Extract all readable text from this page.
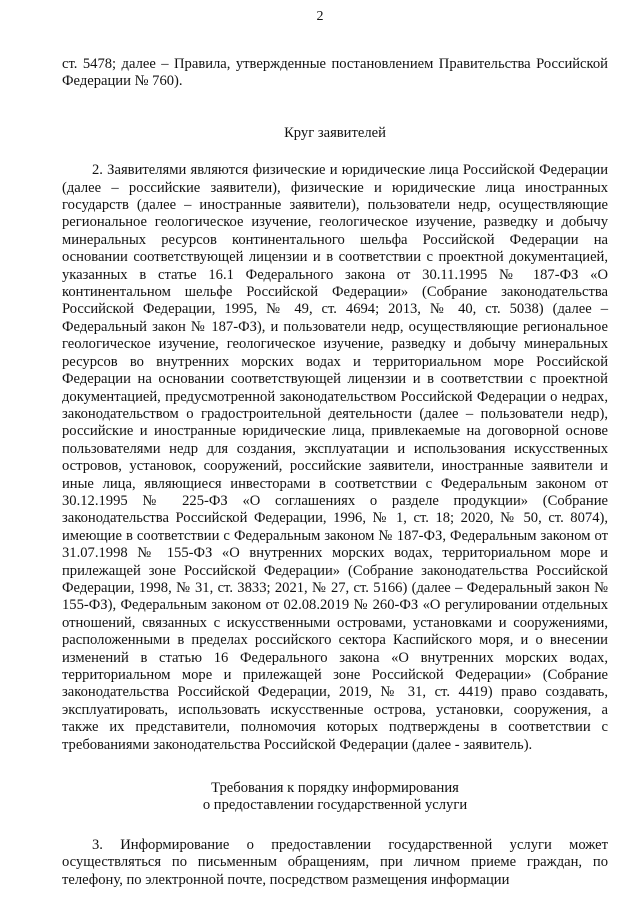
2

ст. 5478; далее – Правила, утвержденные постановлением Правительства Российской Федерации № 760).

Круг заявителей

2. Заявителями являются физические и юридические лица Российской Федерации (далее – российские заявители), физические и юридические лица иностранных государств (далее – иностранные заявители), пользователи недр, осуществляющие региональное геологическое изучение, геологическое изучение, разведку и добычу минеральных ресурсов континентального шельфа Российской Федерации на основании соответствующей лицензии и в соответствии с проектной документацией, указанных в статье 16.1 Федерального закона от 30.11.1995 № 187-ФЗ «О континентальном шельфе Российской Федерации» (Собрание законодательства Российской Федерации, 1995, № 49, ст. 4694; 2013, № 40, ст. 5038) (далее – Федеральный закон № 187-ФЗ), и пользователи недр, осуществляющие региональное геологическое изучение, геологическое изучение, разведку и добычу минеральных ресурсов во внутренних морских водах и территориальном море Российской Федерации на основании соответствующей лицензии и в соответствии с проектной документацией, предусмотренной законодательством Российской Федерации о недрах, законодательством о градостроительной деятельности (далее – пользователи недр), российские и иностранные юридические лица, привлекаемые на договорной основе пользователями недр для создания, эксплуатации и использования искусственных островов, установок, сооружений, российские заявители, иностранные заявители и иные лица, являющиеся инвесторами в соответствии с Федеральным законом от 30.12.1995 № 225-ФЗ «О соглашениях о разделе продукции» (Собрание законодательства Российской Федерации, 1996, № 1, ст. 18; 2020, № 50, ст. 8074), имеющие в соответствии с Федеральным законом № 187-ФЗ, Федеральным законом от 31.07.1998 № 155-ФЗ «О внутренних морских водах, территориальном море и прилежащей зоне Российской Федерации» (Собрание законодательства Российской Федерации, 1998, № 31, ст. 3833; 2021, № 27, ст. 5166) (далее – Федеральный закон № 155-ФЗ), Федеральным законом от 02.08.2019 № 260-ФЗ «О регулировании отдельных отношений, связанных с искусственными островами, установками и сооружениями, расположенными в пределах российского сектора Каспийского моря, и о внесении изменений в статью 16 Федерального закона «О внутренних морских водах, территориальном море и прилежащей зоне Российской Федерации» (Собрание законодательства Российской Федерации, 2019, № 31, ст. 4419) право создавать, эксплуатировать, использовать искусственные острова, установки, сооружения, а также их представители, полномочия которых подтверждены в соответствии с требованиями законодательства Российской Федерации (далее - заявитель).

Требования к порядку информирования
о предоставлении государственной услуги

3. Информирование о предоставлении государственной услуги может осуществляться по письменным обращениям, при личном приеме граждан, по телефону, по электронной почте, посредством размещения информации
